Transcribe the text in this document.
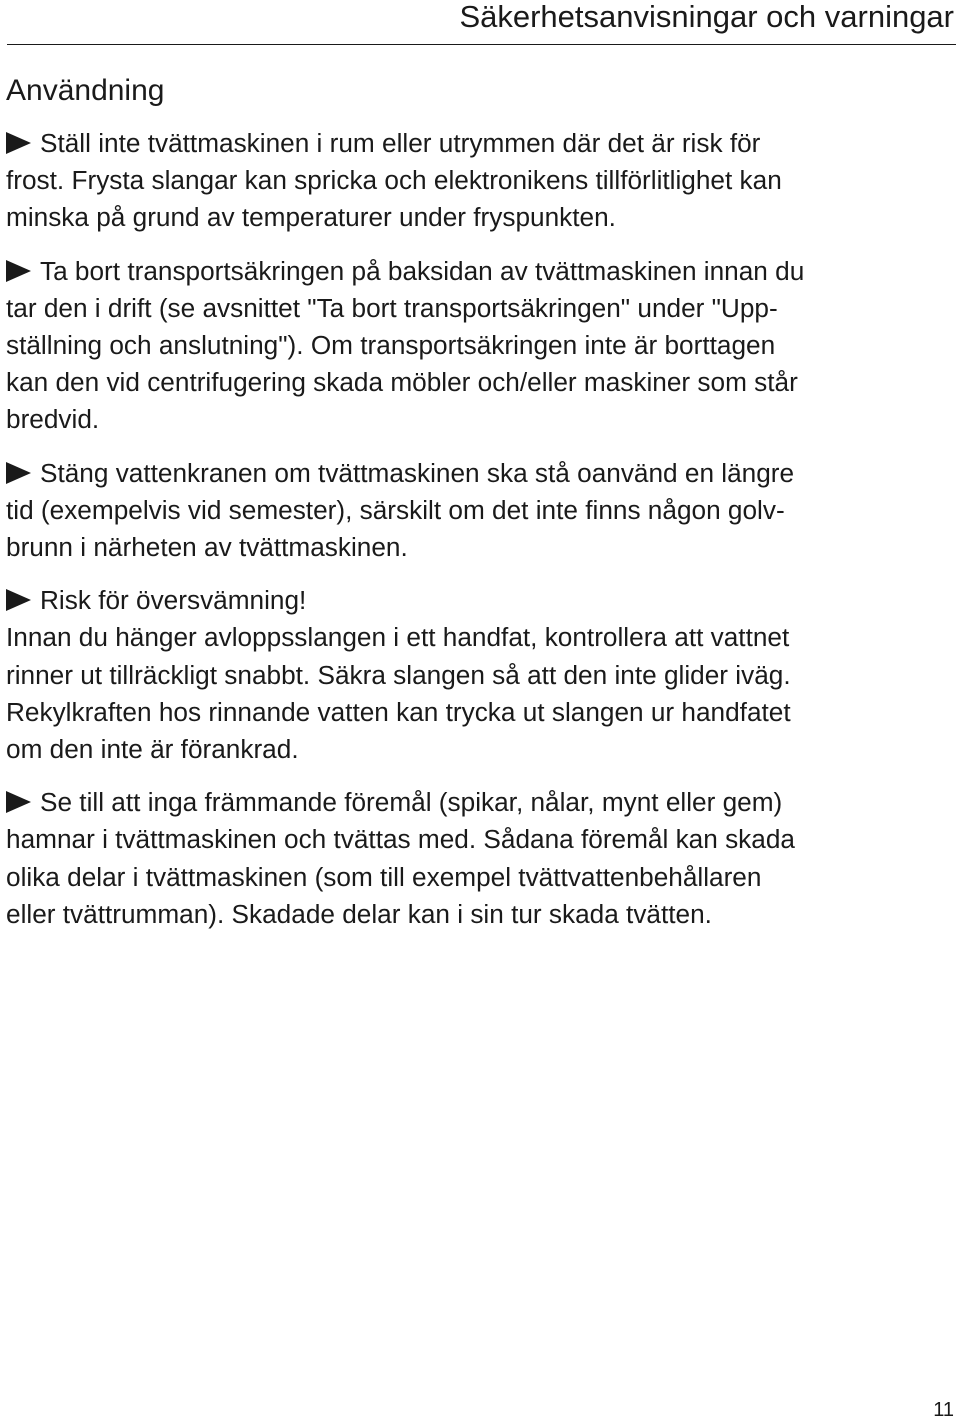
Säkerhetsanvisningar och varningar
Användning

Ställ inte tvättmaskinen i rum eller utrymmen där det är risk för
frost. Frysta slangar kan spricka och elektronikens tillförlitlighet kan
minska på grund av temperaturer under fryspunkten.

Ta bort transportsäkringen på baksidan av tvättmaskinen innan du
tar den i drift (se avsnittet "Ta bort transportsäkringen" under "Upp-
ställning och anslutning"). Om transportsäkringen inte är borttagen
kan den vid centrifugering skada möbler och/eller maskiner som står
bredvid.

Stäng vattenkranen om tvättmaskinen ska stå oanvänd en längre
tid (exempelvis vid semester), särskilt om det inte finns någon golv-
brunn i närheten av tvättmaskinen.

Risk för översvämning!
Innan du hänger avloppsslangen i ett handfat, kontrollera att vattnet
rinner ut tillräckligt snabbt. Säkra slangen så att den inte glider iväg.
Rekylkraften hos rinnande vatten kan trycka ut slangen ur handfatet
om den inte är förankrad.

Se till att inga främmande föremål (spikar, nålar, mynt eller gem)
hamnar i tvättmaskinen och tvättas med. Sådana föremål kan skada
olika delar i tvättmaskinen (som till exempel tvättvattenbehållaren
eller tvättrumman). Skadade delar kan i sin tur skada tvätten.

11
